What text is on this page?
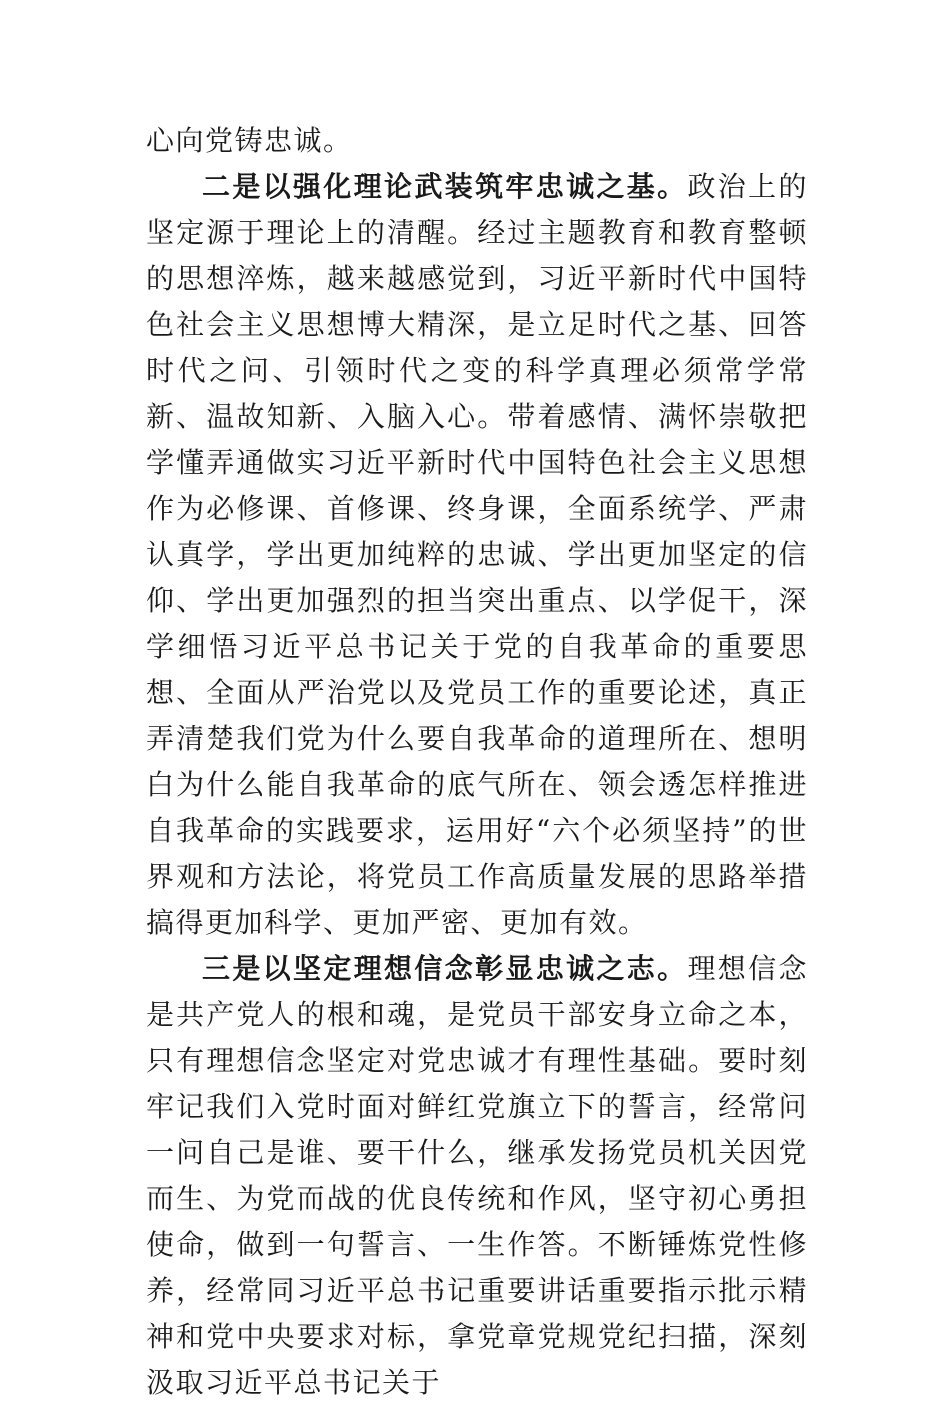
心向党铸忠诚。

二是以强化理论武装筑牢忠诚之基。政治上的坚定源于理论上的清醒。经过主题教育和教育整顿的思想淬炼，越来越感觉到，习近平新时代中国特色社会主义思想博大精深，是立足时代之基、回答时代之问、引领时代之变的科学真理必须常学常新、温故知新、入脑入心。带着感情、满怀崇敬把学懂弄通做实习近平新时代中国特色社会主义思想作为必修课、首修课、终身课，全面系统学、严肃认真学，学出更加纯粹的忠诚、学出更加坚定的信仰、学出更加强烈的担当突出重点、以学促干，深学细悟习近平总书记关于党的自我革命的重要思想、全面从严治党以及党员工作的重要论述，真正弄清楚我们党为什么要自我革命的道理所在、想明白为什么能自我革命的底气所在、领会透怎样推进自我革命的实践要求，运用好“六个必须坚持”的世界观和方法论，将党员工作高质量发展的思路举措搞得更加科学、更加严密、更加有效。

三是以坚定理想信念彰显忠诚之志。理想信念是共产党人的根和魂，是党员干部安身立命之本，只有理想信念坚定对党忠诚才有理性基础。要时刻牢记我们入党时面对鲜红党旗立下的誓言，经常问一问自己是谁、要干什么，继承发扬党员机关因党而生、为党而战的优良传统和作风，坚守初心勇担使命，做到一句誓言、一生作答。不断锤炼党性修养，经常同习近平总书记重要讲话重要指示批示精神和党中央要求对标，拿党章党规党纪扫描，深刻汲取习近平总书记关于
